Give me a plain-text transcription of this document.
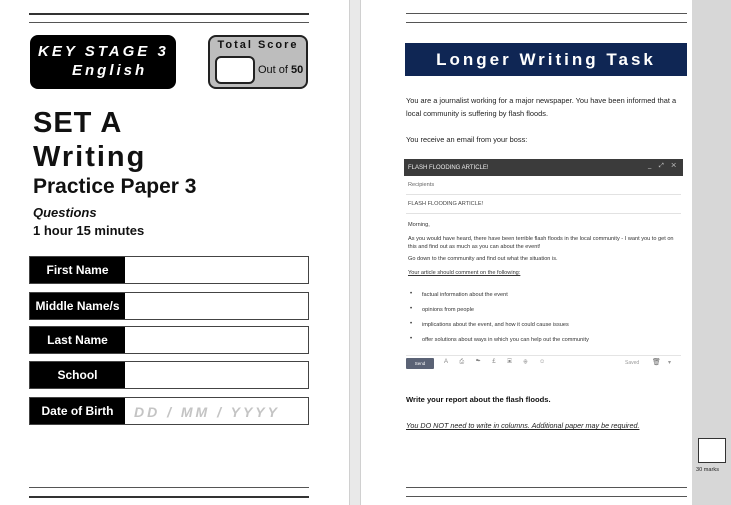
KEY STAGE 3
English
Total Score
Out of 50
SET A
Writing
Practice Paper 3
Questions
1 hour 15 minutes
First Name
Middle Name/s
Last Name
School
Date of Birth	DD / MM / YYYY
Longer Writing Task
You are a journalist working for a major newspaper. You have been informed that a local community is suffering by flash floods.
You receive an email from your boss:
FLASH FLOODING ARTICLE!	_ ⤢ ✕
Recipients
FLASH FLOODING ARTICLE!
Morning,
As you would have heard, there have been terrible flash floods in the local community - I want you to get on this and find out as much as you can about the event!
Go down to the community and find out what the situation is.
Your article should comment on the following:
• factual information about the event
• opinions from people
• implications about the event, and how it could cause issues
• offer solutions about ways in which you can help out the community
Send	A ⎙ ☁ £ ▣ ⊕ ☺	Saved 🗑 ▾
Write your report about the flash floods.
You DO NOT need to write in columns. Additional paper may be required.
30 marks
